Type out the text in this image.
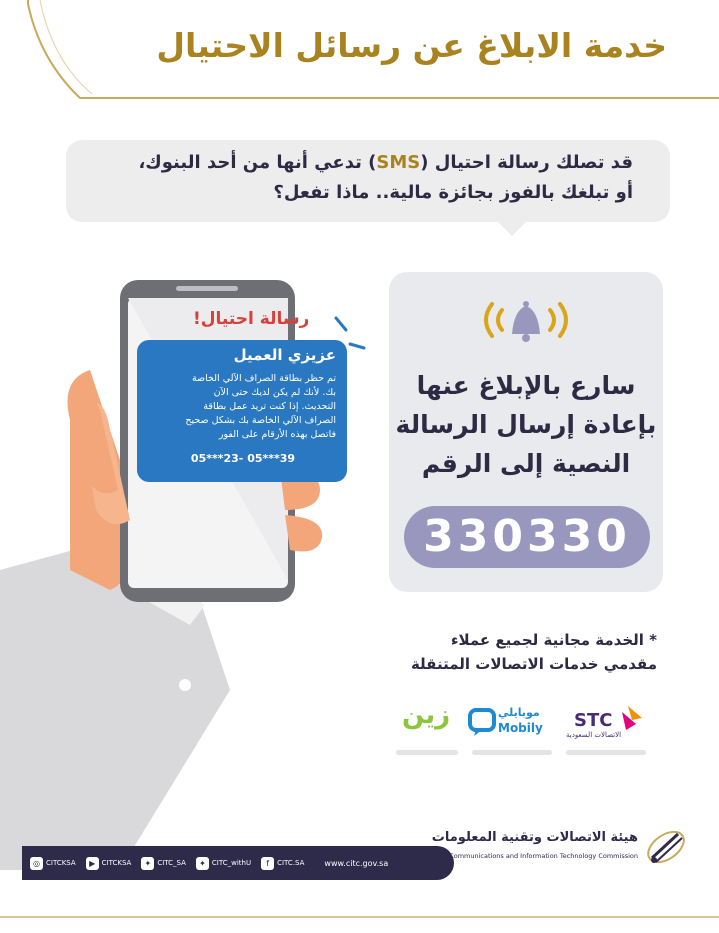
خدمة الابلاغ عن رسائل الاحتيال
قد تصلك رسالة احتيال (SMS) تدعي أنها من أحد البنوك،
أو تبلغك بالفوز بجائزة مالية.. ماذا تفعل؟
رسالة احتيال!
عزيزي العميل

تم حظر بطاقة الصراف الآلي الخاصة

بك. لأنك لم يكن لديك حتى الآن

التحديث. إذا كنت تريد عمل بطاقة

الصراف الآلي الخاصة بك بشكل صحيح

فاتصل بهذه الأرقام على الفور

05***23- 05***39
سارع بالإبلاغ عنها
بإعادة إرسال الرسالة
النصية إلى الرقم
330330
* الخدمة مجانية لجميع عملاء
مقدمي خدمات الاتصالات المتنقلة
STC
الاتصالات السعودية
موبايلي
Mobily
زين
◎ CITCKSA	▶ CITCKSA	✦ CITC_SA	✦ CITC_withU	f	CITC.SA	www.citc.gov.sa
هيئة الاتصالات وتقنية المعلومات
Communications and Information Technology Commission
